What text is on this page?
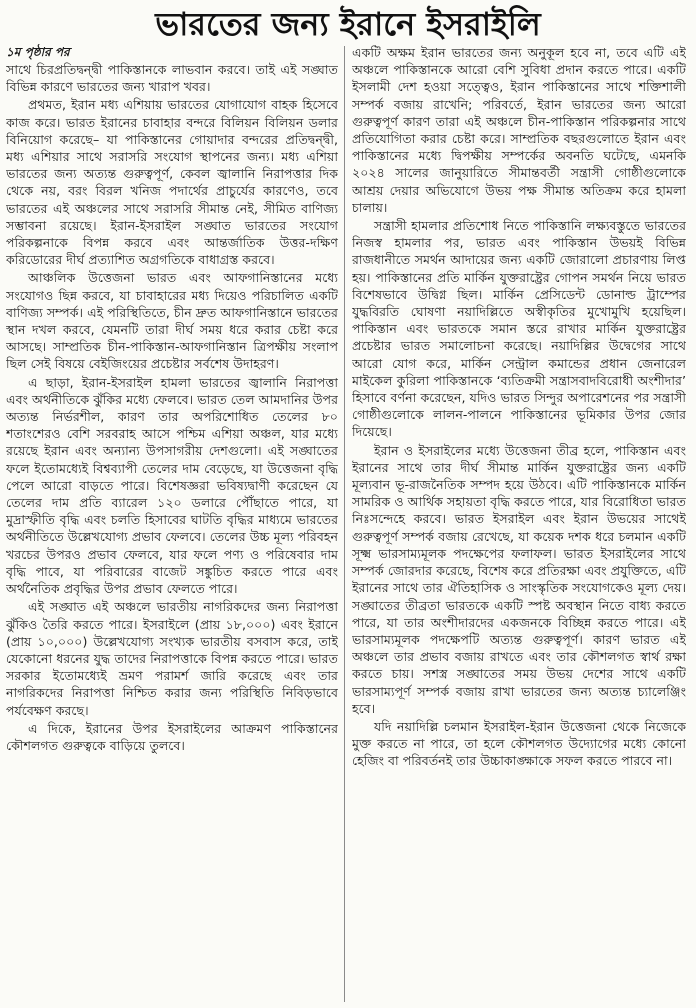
ভারতের জন্য ইরানে ইসরাইলি

১ম পৃষ্ঠার পর
সাথে চিরপ্রতিদ্বন্দ্বী পাকিস্তানকে লাভবান করবে। তাই এই সঙ্ঘাত বিভিন্ন কারণে ভারতের জন্য খারাপ খবর।

প্রথমত, ইরান মধ্য এশিয়ায় ভারতের যোগাযোগ বাহক হিসেবে কাজ করে। ভারত ইরানের চাবাহার বন্দরে বিলিয়ন বিলিয়ন ডলার বিনিয়োগ করেছে– যা পাকিস্তানের গোয়াদার বন্দরের প্রতিদ্বন্দ্বী, মধ্য এশিয়ার সাথে সরাসরি সংযোগ স্থাপনের জন্য। মধ্য এশিয়া ভারতের জন্য অত্যন্ত গুরুত্বপূর্ণ, কেবল জ্বালানি নিরাপত্তার দিক থেকে নয়, বরং বিরল খনিজ পদার্থের প্রাচুর্যের কারণেও, তবে ভারতের এই অঞ্চলের সাথে সরাসরি সীমান্ত নেই, সীমিত বাণিজ্য সম্ভাবনা রয়েছে। ইরান-ইসরাইল সঙ্ঘাত ভারতের সংযোগ পরিকল্পনাকে বিপন্ন করবে এবং আন্তর্জাতিক উত্তর-দক্ষিণ করিডোরের দীর্ঘ প্রত্যাশিত অগ্রগতিকে বাধাগ্রস্ত করবে।

আঞ্চলিক উত্তেজনা ভারত এবং আফগানিস্তানের মধ্যে সংযোগও ছিন্ন করবে, যা চাবাহারের মধ্য দিয়েও পরিচালিত একটি বাণিজ্য সম্পর্ক। এই পরিস্থিতিতে, চীন দ্রুত আফগানিস্তানে ভারতের স্থান দখল করবে, যেমনটি তারা দীর্ঘ সময় ধরে করার চেষ্টা করে আসছে। সাম্প্রতিক চীন-পাকিস্তান-আফগানিস্তান ত্রিপক্ষীয় সংলাপ ছিল সেই বিষয়ে বেইজিংয়ের প্রচেষ্টার সর্বশেষ উদাহরণ।

এ ছাড়া, ইরান-ইসরাইল হামলা ভারতের জ্বালানি নিরাপত্তা এবং অর্থনীতিকে ঝুঁকির মধ্যে ফেলবে। ভারত তেল আমদানির উপর অত্যন্ত নির্ভরশীল, কারণ তার অপরিশোধিত তেলের ৮০ শতাংশেরও বেশি সরবরাহ আসে পশ্চিম এশিয়া অঞ্চল, যার মধ্যে রয়েছে ইরান এবং অন্যান্য উপসাগরীয় দেশগুলো। এই সঙ্ঘাতের ফলে ইতোমধ্যেই বিশ্বব্যাপী তেলের দাম বেড়েছে, যা উত্তেজনা বৃদ্ধি পেলে আরো বাড়তে পারে। বিশেষজ্ঞরা ভবিষ্যদ্বাণী করেছেন যে তেলের দাম প্রতি ব্যারেল ১২০ ডলারে পৌঁছাতে পারে, যা মুদ্রাস্ফীতি বৃদ্ধি এবং চলতি হিসাবের ঘাটতি বৃদ্ধির মাধ্যমে ভারতের অর্থনীতিতে উল্লেখযোগ্য প্রভাব ফেলবে। তেলের উচ্চ মূল্য পরিবহন খরচের উপরও প্রভাব ফেলবে, যার ফলে পণ্য ও পরিষেবার দাম বৃদ্ধি পাবে, যা পরিবারের বাজেট সঙ্কুচিত করতে পারে এবং অর্থনৈতিক প্রবৃদ্ধির উপর প্রভাব ফেলতে পারে।

এই সঙ্ঘাত এই অঞ্চলে ভারতীয় নাগরিকদের জন্য নিরাপত্তা ঝুঁকিও তৈরি করতে পারে। ইসরাইলে (প্রায় ১৮,০০০) এবং ইরানে (প্রায় ১০,০০০) উল্লেখযোগ্য সংখ্যক ভারতীয় বসবাস করে, তাই যেকোনো ধরনের যুদ্ধ তাদের নিরাপত্তাকে বিপন্ন করতে পারে। ভারত সরকার ইতোমধ্যেই ভ্রমণ পরামর্শ জারি করেছে এবং তার নাগরিকদের নিরাপত্তা নিশ্চিত করার জন্য পরিস্থিতি নিবিড়ভাবে পর্যবেক্ষণ করছে।

এ দিকে, ইরানের উপর ইসরাইলের আক্রমণ পাকিস্তানের কৌশলগত গুরুত্বকে বাড়িয়ে তুলবে।

একটি অক্ষম ইরান ভারতের জন্য অনুকূল হবে না, তবে এটি এই অঞ্চলে পাকিস্তানকে আরো বেশি সুবিধা প্রদান করতে পারে। একটি ইসলামী দেশ হওয়া সত্ত্বেও, ইরান পাকিস্তানের সাথে শক্তিশালী সম্পর্ক বজায় রাখেনি; পরিবর্তে, ইরান ভারতের জন্য আরো গুরুত্বপূর্ণ কারণ তারা এই অঞ্চলে চীন-পাকিস্তান পরিকল্পনার সাথে প্রতিযোগিতা করার চেষ্টা করে। সাম্প্রতিক বছরগুলোতে ইরান এবং পাকিস্তানের মধ্যে দ্বিপক্ষীয় সম্পর্কের অবনতি ঘটেছে, এমনকি ২০২৪ সালের জানুয়ারিতে সীমান্তবর্তী সন্ত্রাসী গোষ্ঠীগুলোকে আশ্রয় দেয়ার অভিযোগে উভয় পক্ষ সীমান্ত অতিক্রম করে হামলা চালায়।

সন্ত্রাসী হামলার প্রতিশোধ নিতে পাকিস্তানি লক্ষ্যবস্তুতে ভারতের নিজস্ব হামলার পর, ভারত এবং পাকিস্তান উভয়ই বিভিন্ন রাজধানীতে সমর্থন আদায়ের জন্য একটি জোরালো প্রচারণায় লিপ্ত হয়। পাকিস্তানের প্রতি মার্কিন যুক্তরাষ্ট্রের গোপন সমর্থন নিয়ে ভারত বিশেষভাবে উদ্বিগ্ন ছিল। মার্কিন প্রেসিডেন্ট ডোনাল্ড ট্রাম্পের যুদ্ধবিরতি ঘোষণা নয়াদিল্লিতে অস্বীকৃতির মুখোমুখি হয়েছিল। পাকিস্তান এবং ভারতকে সমান স্তরে রাখার মার্কিন যুক্তরাষ্ট্রের প্রচেষ্টার ভারত সমালোচনা করেছে। নয়াদিল্লির উদ্বেগের সাথে আরো যোগ করে, মার্কিন সেন্ট্রাল কমান্ডের প্রধান জেনারেল মাইকেল কুরিলা পাকিস্তানকে ‘ব্যতিক্রমী সন্ত্রাসবাদবিরোধী অংশীদার’ হিসাবে বর্ণনা করেছেন, যদিও ভারত সিন্দুর অপারেশনের পর সন্ত্রাসী গোষ্ঠীগুলোকে লালন-পালনে পাকিস্তানের ভূমিকার উপর জোর দিয়েছে।

ইরান ও ইসরাইলের মধ্যে উত্তেজনা তীব্র হলে, পাকিস্তান এবং ইরানের সাথে তার দীর্ঘ সীমান্ত মার্কিন যুক্তরাষ্ট্রের জন্য একটি মূল্যবান ভূ-রাজনৈতিক সম্পদ হয়ে উঠবে। এটি পাকিস্তানকে মার্কিন সামরিক ও আর্থিক সহায়তা বৃদ্ধি করতে পারে, যার বিরোধিতা ভারত নিঃসন্দেহে করবে। ভারত ইসরাইল এবং ইরান উভয়ের সাথেই গুরুত্বপূর্ণ সম্পর্ক বজায় রেখেছে, যা কয়েক দশক ধরে চলমান একটি সূক্ষ্ম ভারসাম্যমূলক পদক্ষেপের ফলাফল। ভারত ইসরাইলের সাথে সম্পর্ক জোরদার করেছে, বিশেষ করে প্রতিরক্ষা এবং প্রযুক্তিতে, এটি ইরানের সাথে তার ঐতিহাসিক ও সাংস্কৃতিক সংযোগকেও মূল্য দেয়। সঙ্ঘাতের তীব্রতা ভারতকে একটি স্পষ্ট অবস্থান নিতে বাধ্য করতে পারে, যা তার অংশীদারদের একজনকে বিচ্ছিন্ন করতে পারে। এই ভারসাম্যমূলক পদক্ষেপটি অত্যন্ত গুরুত্বপূর্ণ। কারণ ভারত এই অঞ্চলে তার প্রভাব বজায় রাখতে এবং তার কৌশলগত স্বার্থ রক্ষা করতে চায়। সশস্ত্র সঙ্ঘাতের সময় উভয় দেশের সাথে একটি ভারসাম্যপূর্ণ সম্পর্ক বজায় রাখা ভারতের জন্য অত্যন্ত চ্যালেঞ্জিং হবে।

যদি নয়াদিল্লি চলমান ইসরাইল-ইরান উত্তেজনা থেকে নিজেকে মুক্ত করতে না পারে, তা হলে কৌশলগত উদ্যোগের মধ্যে কোনো হেজিং বা পরিবর্তনই তার উচ্চাকাঙ্ক্ষাকে সফল করতে পারবে না।
